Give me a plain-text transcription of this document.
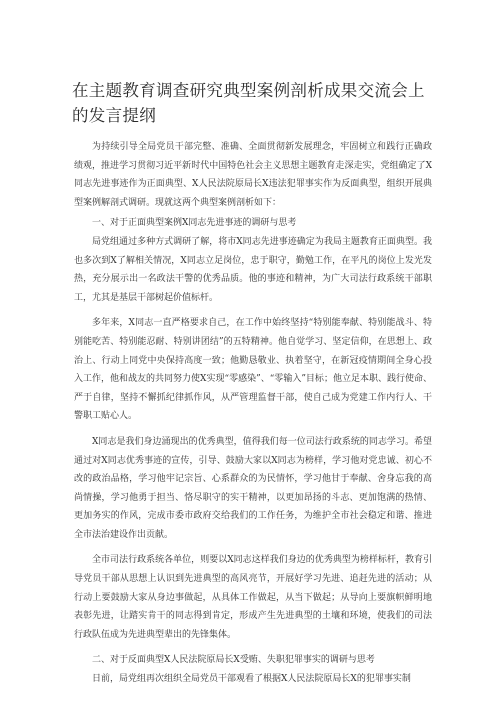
在主题教育调查研究典型案例剖析成果交流会上的发言提纲

为持续引导全局党员干部完整、准确、全面贯彻新发展理念，牢固树立和践行正确政绩观，推进学习贯彻习近平新时代中国特色社会主义思想主题教育走深走实，党组确定了X同志先进事迹作为正面典型、X人民法院原局长X违法犯罪事实作为反面典型，组织开展典型案例解剖式调研。现就这两个典型案例剖析如下：

一、对于正面典型案例X同志先进事迹的调研与思考

局党组通过多种方式调研了解，将市X同志先进事迹确定为我局主题教育正面典型。我也多次到X了解相关情况，X同志立足岗位，忠于职守，勤勉工作，在平凡的岗位上发光发热，充分展示出一名政法干警的优秀品质。他的事迹和精神，为广大司法行政系统干部职工，尤其是基层干部树起价值标杆。

多年来，X同志一直严格要求自己，在工作中始终坚持“特别能奉献、特别能战斗、特别能吃苦、特别能忍耐、特别讲团结”的五特精神。他自觉学习、坚定信仰，在思想上、政治上、行动上同党中央保持高度一致；他勤恳敬业、执着坚守，在新冠疫情期间全身心投入工作，他和战友的共同努力使X实现“零感染”、“零输入”目标；他立足本职、践行使命、严于自律，坚持不懈抓纪律抓作风，从严管理监督干部，使自己成为党建工作内行人、干警职工贴心人。

X同志是我们身边涌现出的优秀典型，值得我们每一位司法行政系统的同志学习。希望通过对X同志优秀事迹的宣传，引导、鼓励大家以X同志为榜样，学习他对党忠诚、初心不改的政治品格，学习他牢记宗旨、心系群众的为民情怀，学习他甘于奉献、舍身忘我的高尚情操，学习他勇于担当、恪尽职守的实干精神，以更加昂扬的斗志、更加饱满的热情、更加务实的作风，完成市委市政府交给我们的工作任务，为维护全市社会稳定和谐、推进全市法治建设作出贡献。

全市司法行政系统各单位，则要以X同志这样我们身边的优秀典型为榜样标杆，教育引导党员干部从思想上认识到先进典型的高风亮节，开展好学习先进、追赶先进的活动；从行动上要鼓励大家从身边事做起，从具体工作做起，从当下做起；从导向上要旗帜鲜明地表彰先进，让踏实肯干的同志得到肯定，形成产生先进典型的土壤和环境，使我们的司法行政队伍成为先进典型辈出的先锋集体。

二、对于反面典型X人民法院原局长X受贿、失职犯罪事实的调研与思考

日前，局党组再次组织全局党员干部观看了根据X人民法院原局长X的犯罪事实制
